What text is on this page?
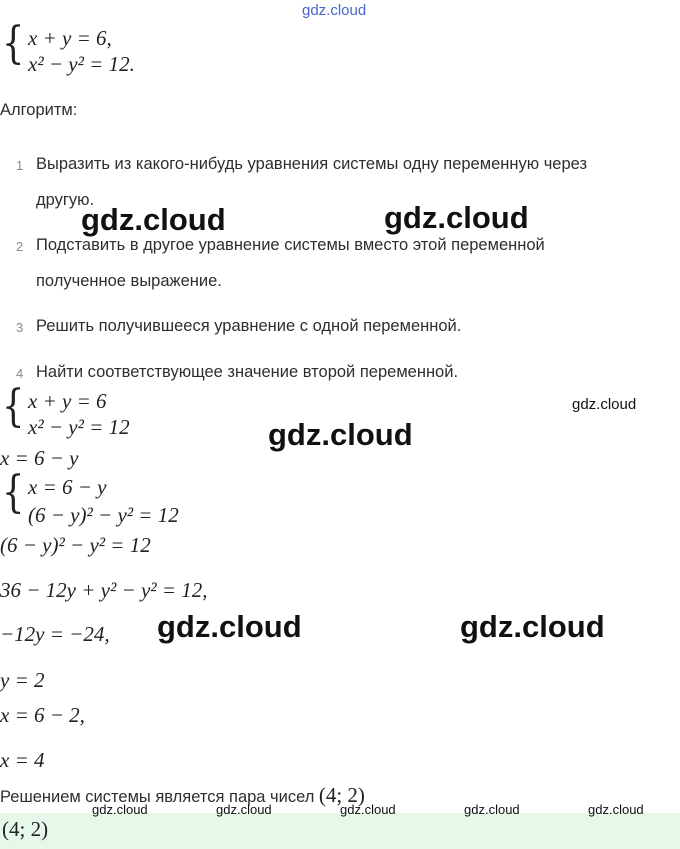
gdz.cloud
{ x + y = 6,
x² − y² = 12.

Алгоритм:
1 Выразить из какого-нибудь уравнения системы одну переменную через
другую.
2 Подставить в другое уравнение системы вместо этой переменной
полученное выражение.
3 Решить получившееся уравнение с одной переменной.
4 Найти соответствующее значение второй переменной.
{ x + y = 6
x² − y² = 12
x = 6 − y
{ x = 6 − y
(6 − y)² − y² = 12
(6 − y)² − y² = 12
36 − 12y + y² − y² = 12,
−12y = −24,
y = 2
x = 6 − 2,
x = 4
Решением системы является пара чисел (4; 2)
(4; 2)
gdz.cloud	gdz.cloud
gdz.cloud
gdz.cloud
gdz.cloud	gdz.cloud
gdz.cloud	gdz.cloud	gdz.cloud	gdz.cloud	gdz.cloud
